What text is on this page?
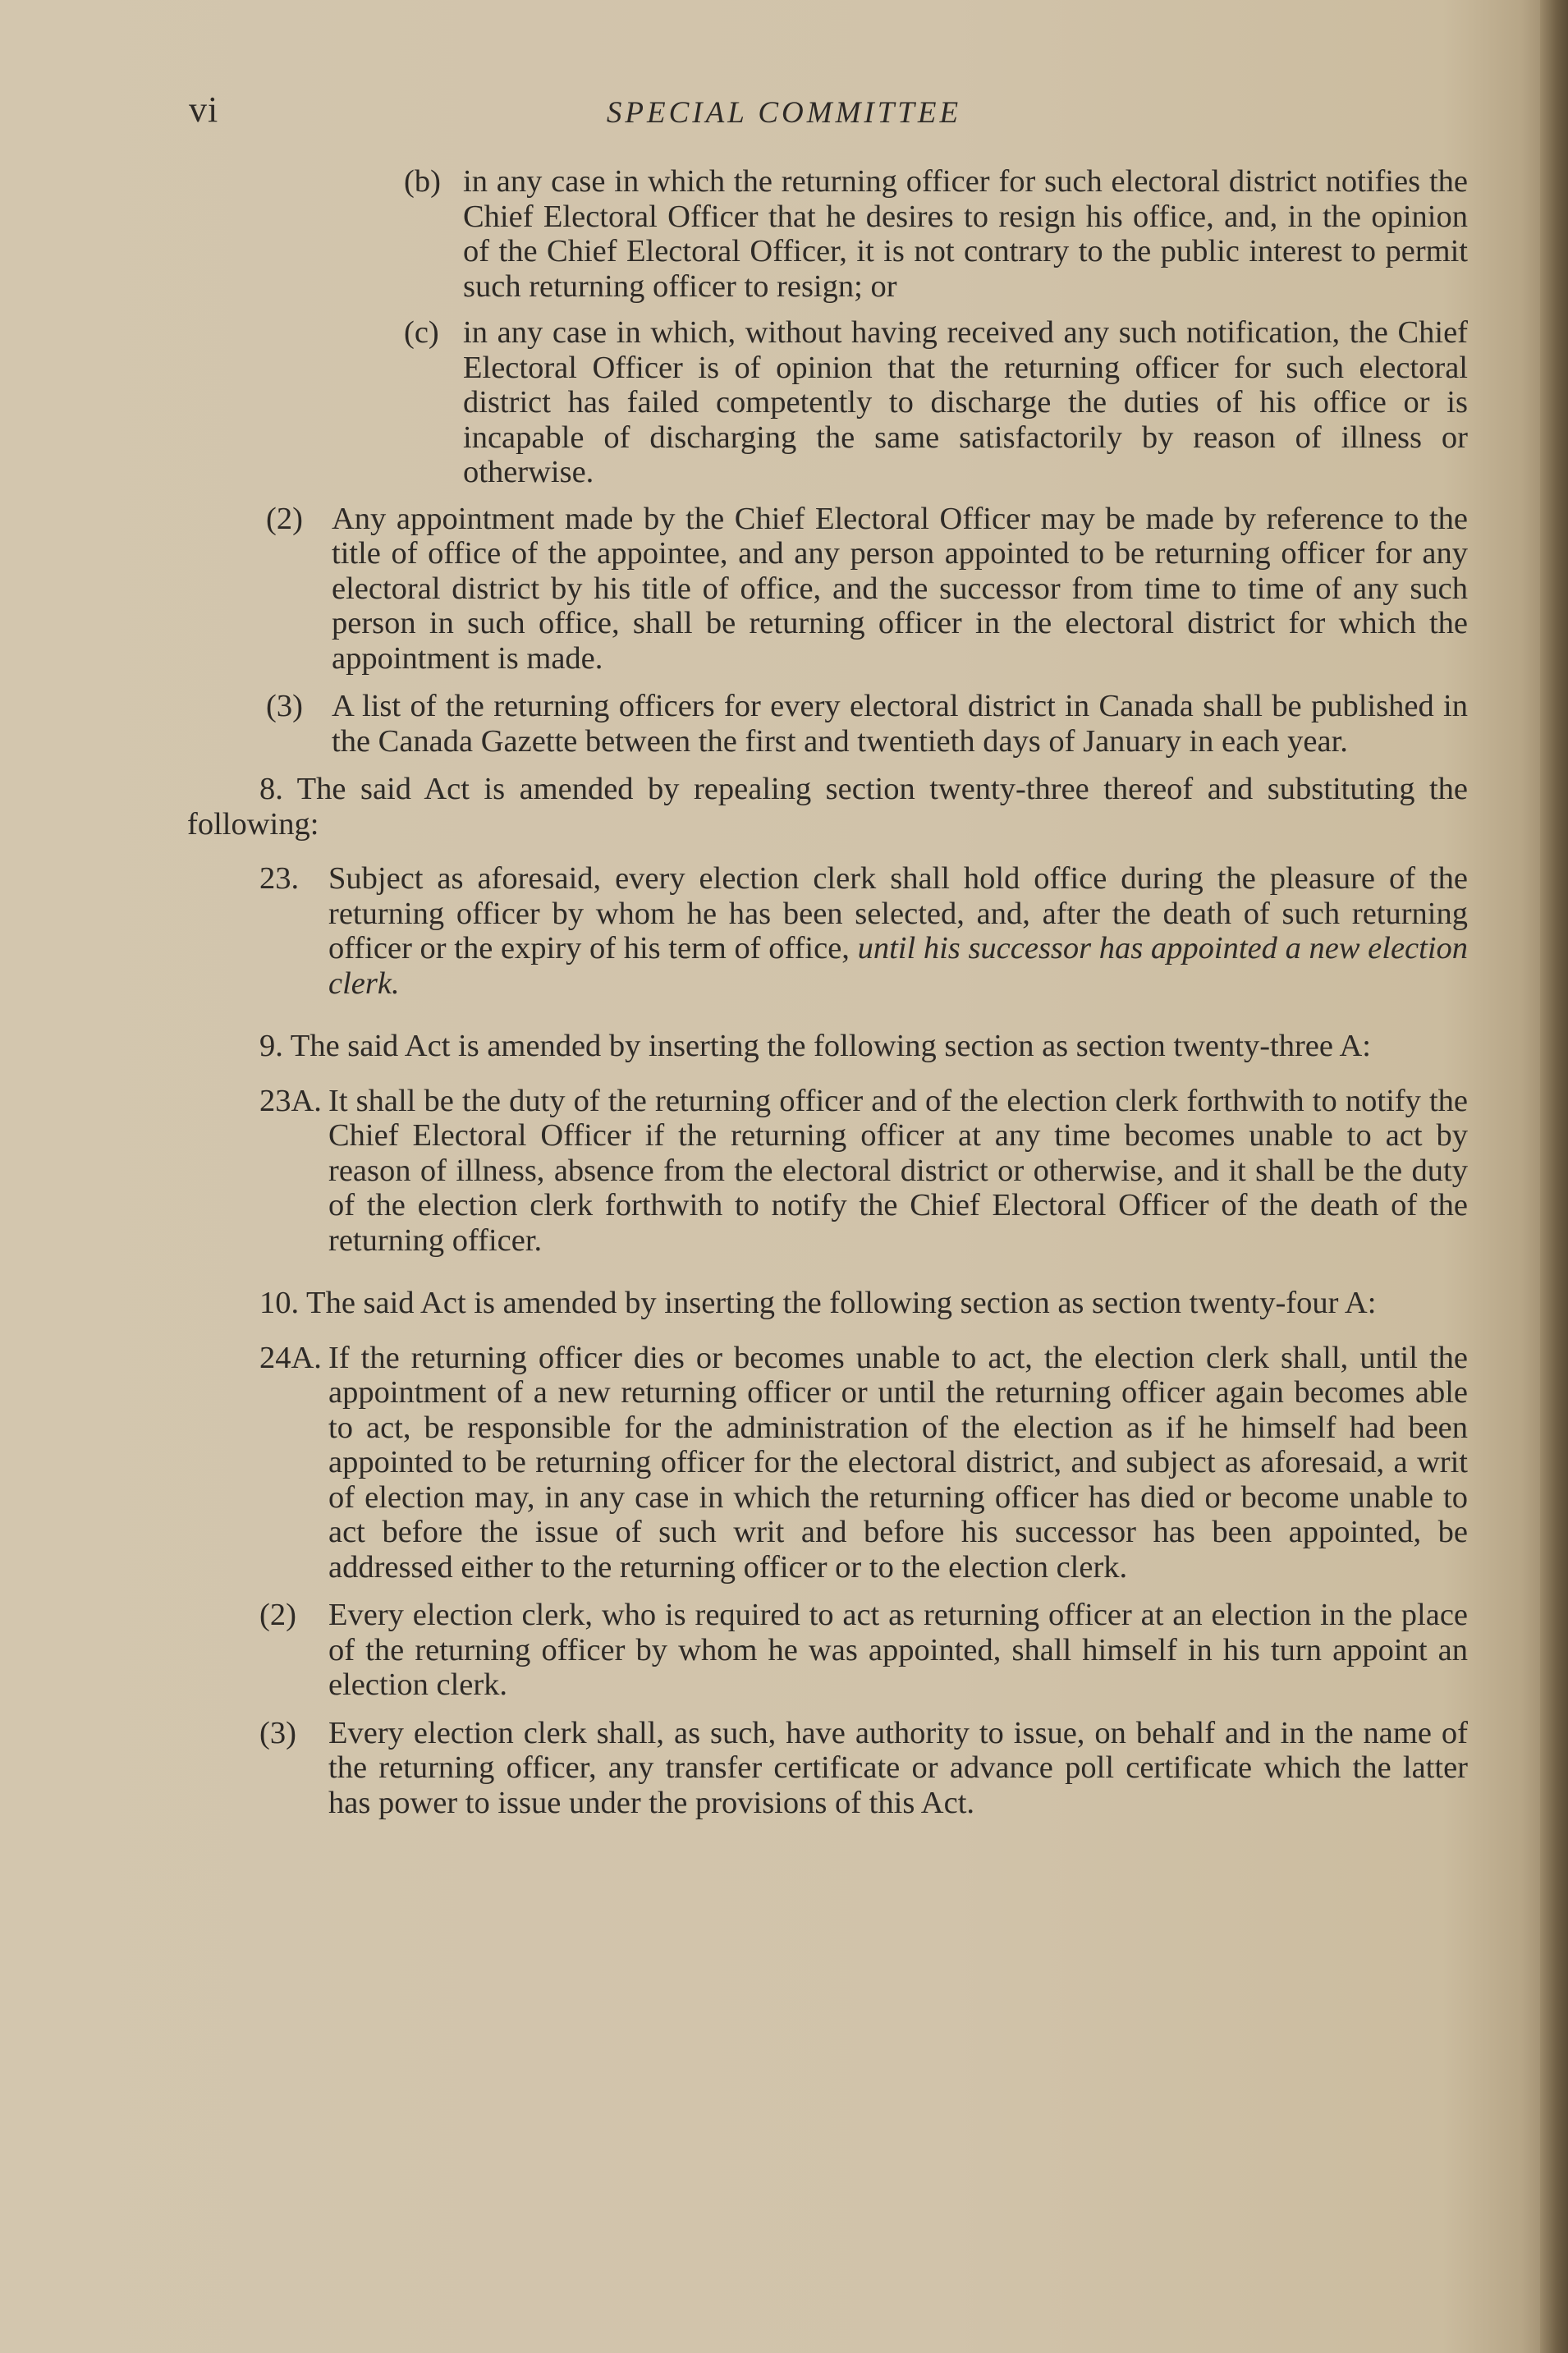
vi	SPECIAL COMMITTEE
(b) in any case in which the returning officer for such electoral district notifies the Chief Electoral Officer that he desires to resign his office, and, in the opinion of the Chief Electoral Officer, it is not contrary to the public interest to permit such returning officer to resign; or
(c) in any case in which, without having received any such notification, the Chief Electoral Officer is of opinion that the returning officer for such electoral district has failed competently to discharge the duties of his office or is incapable of discharging the same satisfactorily by reason of illness or otherwise.
(2) Any appointment made by the Chief Electoral Officer may be made by reference to the title of office of the appointee, and any person appointed to be returning officer for any electoral district by his title of office, and the successor from time to time of any such person in such office, shall be returning officer in the electoral district for which the appointment is made.
(3) A list of the returning officers for every electoral district in Canada shall be published in the Canada Gazette between the first and twentieth days of January in each year.

8. The said Act is amended by repealing section twenty-three thereof and substituting the following:

23. Subject as aforesaid, every election clerk shall hold office during the pleasure of the returning officer by whom he has been selected, and, after the death of such returning officer or the expiry of his term of office, until his successor has appointed a new election clerk.

9. The said Act is amended by inserting the following section as section twenty-three A:

23A. It shall be the duty of the returning officer and of the election clerk forthwith to notify the Chief Electoral Officer if the returning officer at any time becomes unable to act by reason of illness, absence from the electoral district or otherwise, and it shall be the duty of the election clerk forthwith to notify the Chief Electoral Officer of the death of the returning officer.

10. The said Act is amended by inserting the following section as section twenty-four A:

24A. If the returning officer dies or becomes unable to act, the election clerk shall, until the appointment of a new returning officer or until the returning officer again becomes able to act, be responsible for the administration of the election as if he himself had been appointed to be returning officer for the electoral district, and subject as aforesaid, a writ of election may, in any case in which the returning officer has died or become unable to act before the issue of such writ and before his successor has been appointed, be addressed either to the returning officer or to the election clerk.
(2) Every election clerk, who is required to act as returning officer at an election in the place of the returning officer by whom he was appointed, shall himself in his turn appoint an election clerk.
(3) Every election clerk shall, as such, have authority to issue, on behalf and in the name of the returning officer, any transfer certificate or advance poll certificate which the latter has power to issue under the provisions of this Act.
